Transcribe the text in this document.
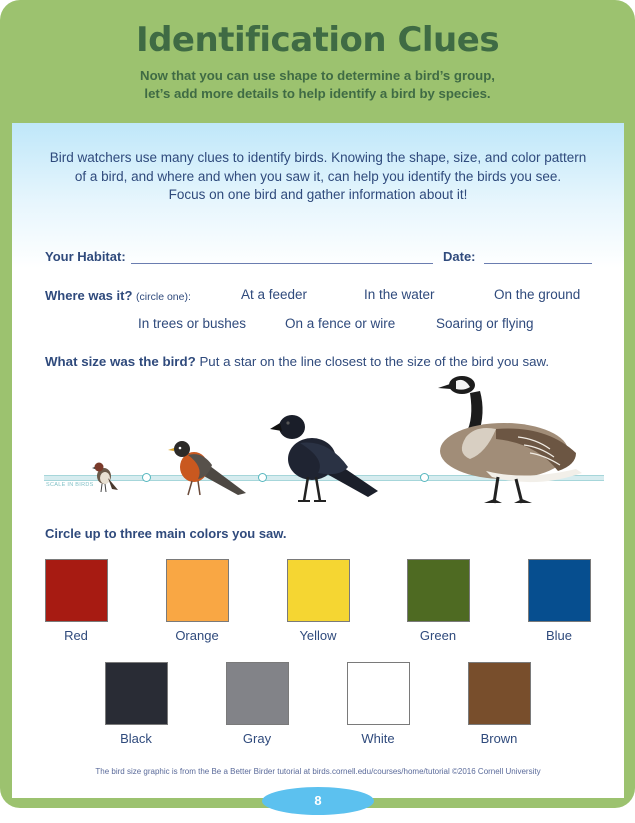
Identification Clues
Now that you can use shape to determine a bird’s group,
let’s add more details to help identify a bird by species.
Bird watchers use many clues to identify birds. Knowing the shape, size, and color pattern
of a bird, and where and when you saw it, can help you identify the birds you see.
Focus on one bird and gather information about it!
Your Habitat:	Date:
Where was it? (circle one):	At a feeder	In the water	On the ground
In trees or bushes	On a fence or wire	Soaring or flying
What size was the bird? Put a star on the line closest to the size of the bird you saw.
SCALE IN BIRDS
Circle up to three main colors you saw.
Red	Orange	Yellow	Green	Blue
Black	Gray	White	Brown
The bird size graphic is from the Be a Better Birder tutorial at birds.cornell.edu/courses/home/tutorial ©2016 Cornell University
8
